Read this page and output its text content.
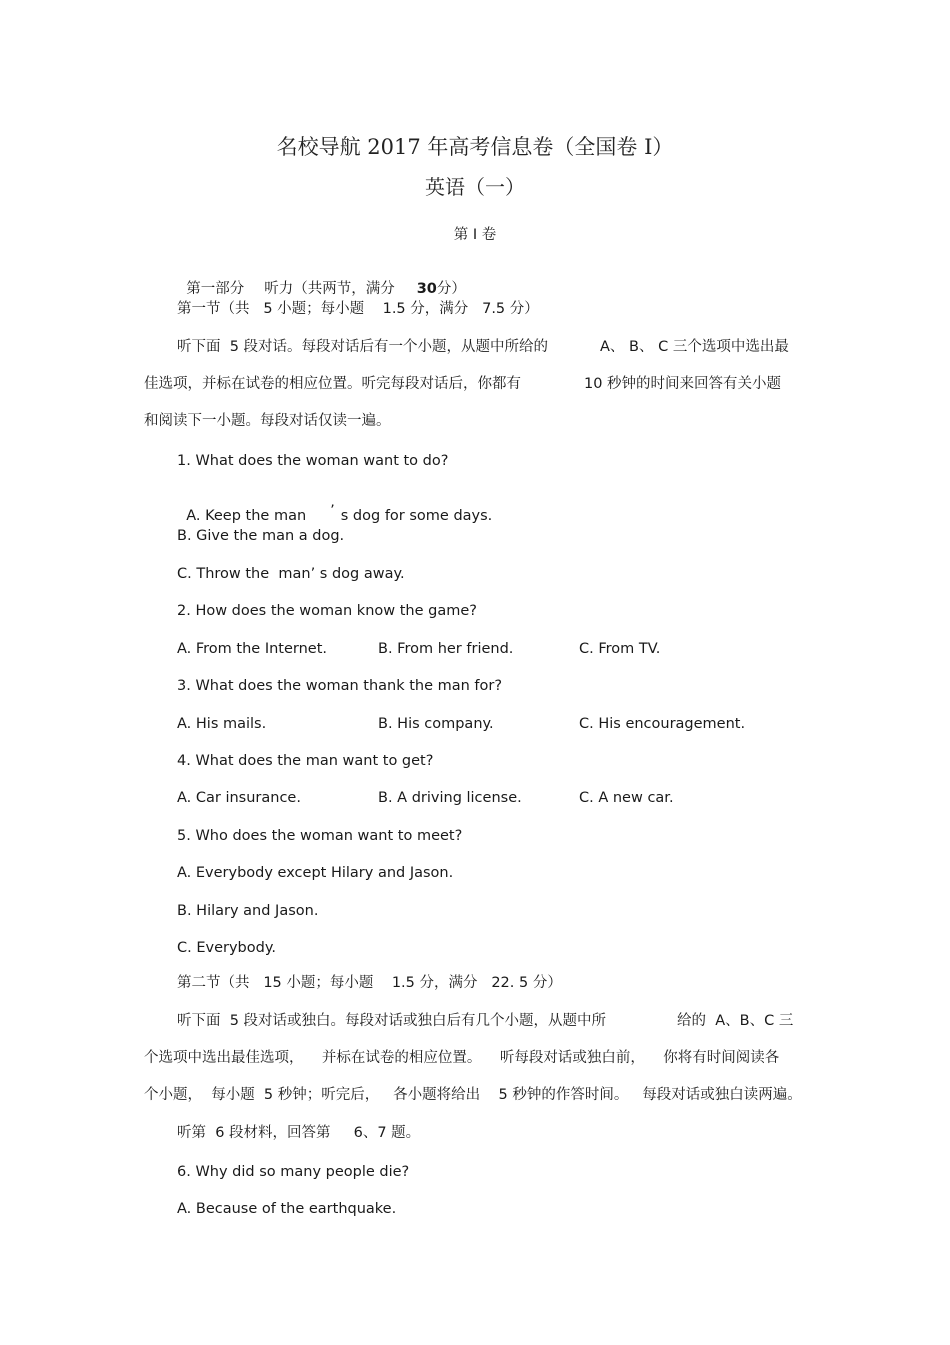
名校导航 2017 年高考信息卷（全国卷 I）
英语（一）
第 I 卷

第一部分 听力（共两节，满分 30分）

第一节（共   5 小题；每小题    1.5 分，满分   7.5 分）
听下面  5 段对话。每段对话后有一个小题，从题中所给的	A、 B、 C 三个选项中选出最
佳选项，并标在试卷的相应位置。听完每段对话后，你都有	10 秒钟的时间来回答有关小题
和阅读下一小题。每段对话仅读一遍。
1. What does the woman want to do?

A. Keep the man ’ s dog for some days.

B. Give the man a dog.
C. Throw the  man’ s dog away.
2. How does the woman know the game?
A. From the Internet.	B. From her friend.	C. From TV.
3. What does the woman thank the man for?
A. His mails.	B. His company.	C. His encouragement.
4. What does the man want to get?
A. Car insurance.	B. A driving license.	C. A new car.
5. Who does the woman want to meet?
A. Everybody except Hilary and Jason.
B. Hilary and Jason.
C. Everybody.
第二节（共   15 小题；每小题    1.5 分，满分   22. 5 分）
听下面  5 段对话或独白。每段对话或独白后有几个小题，从题中所	给的  A、B、C 三
个选项中选出最佳选项，    并标在试卷的相应位置。    听每段对话或独白前，    你将有时间阅读各
个小题，  每小题  5 秒钟；听完后，   各小题将给出    5 秒钟的作答时间。   每段对话或独白读两遍。
听第  6 段材料，回答第     6、7 题。
6. Why did so many people die?
A. Because of the earthquake.
